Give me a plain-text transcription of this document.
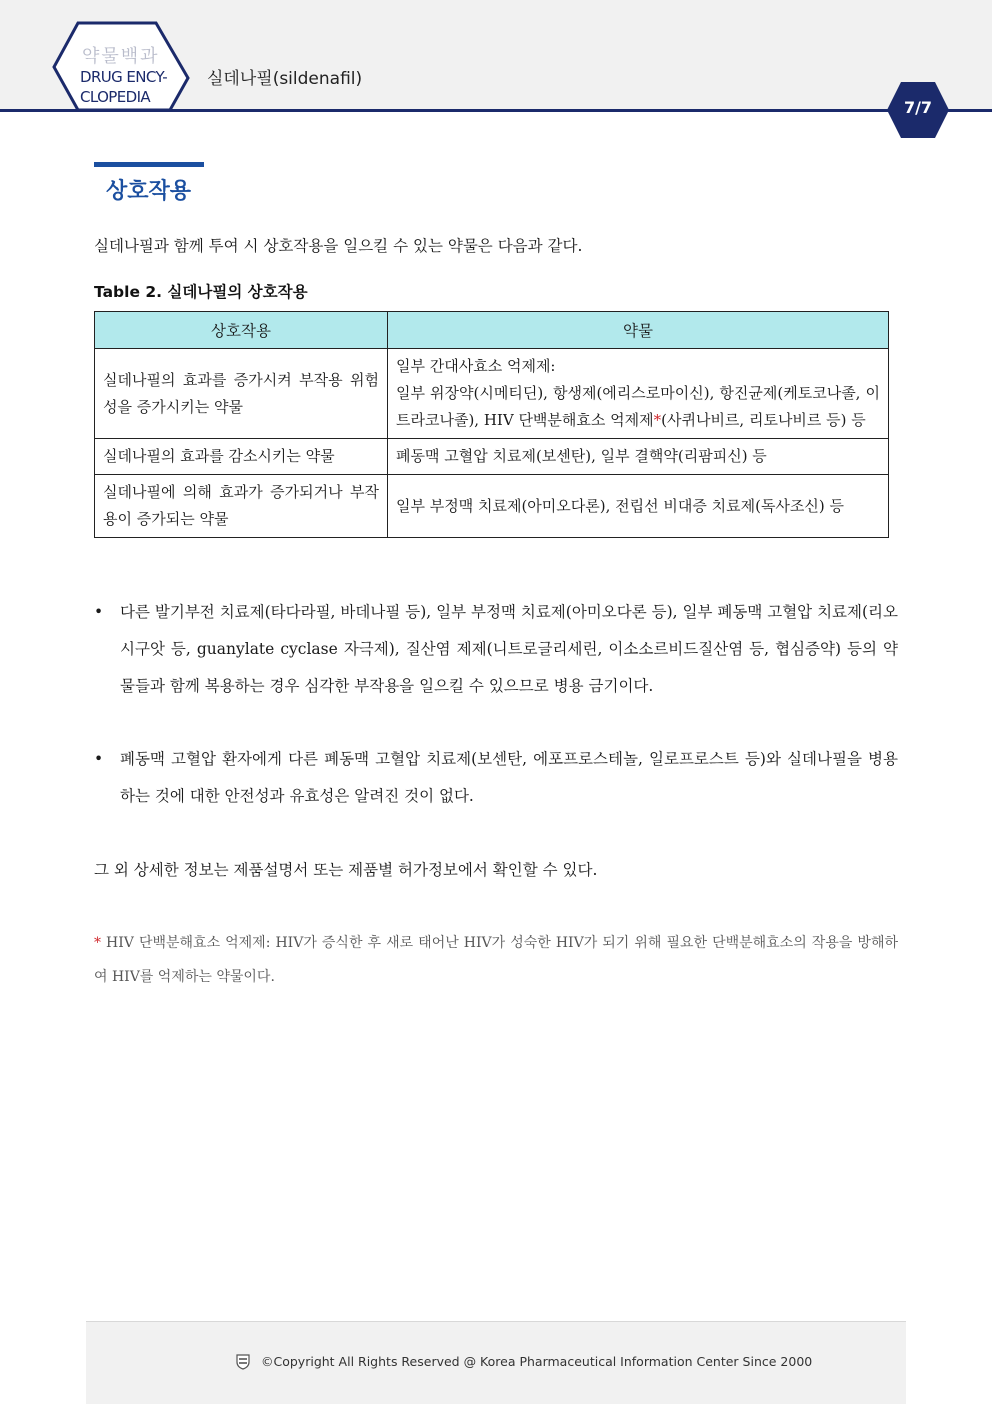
약물백과
DRUG ENCY-
CLOPEDIA
실데나필(sildenafil)
7/7
상호작용
실데나필과 함께 투여 시 상호작용을 일으킬 수 있는 약물은 다음과 같다.
Table 2. 실데나필의 상호작용
상호작용	약물
실데나필의 효과를 증가시켜 부작용 위험성을 증가시키는 약물	일부 간대사효소 억제제:
일부 위장약(시메티딘), 항생제(에리스로마이신), 항진균제(케토코나졸, 이트라코나졸), HIV 단백분해효소 억제제*(사퀴나비르, 리토나비르 등) 등
실데나필의 효과를 감소시키는 약물	폐동맥 고혈압 치료제(보센탄), 일부 결핵약(리팜피신) 등
실데나필에 의해 효과가 증가되거나 부작용이 증가되는 약물	일부 부정맥 치료제(아미오다론), 전립선 비대증 치료제(독사조신) 등
• 다른 발기부전 치료제(타다라필, 바데나필 등), 일부 부정맥 치료제(아미오다론 등), 일부 폐동맥 고혈압 치료제(리오시구앗 등, guanylate cyclase 자극제), 질산염 제제(니트로글리세린, 이소소르비드질산염 등, 협심증약) 등의 약물들과 함께 복용하는 경우 심각한 부작용을 일으킬 수 있으므로 병용 금기이다.
• 폐동맥 고혈압 환자에게 다른 폐동맥 고혈압 치료제(보센탄, 에포프로스테놀, 일로프로스트 등)와 실데나필을 병용하는 것에 대한 안전성과 유효성은 알려진 것이 없다.
그 외 상세한 정보는 제품설명서 또는 제품별 허가정보에서 확인할 수 있다.
* HIV 단백분해효소 억제제: HIV가 증식한 후 새로 태어난 HIV가 성숙한 HIV가 되기 위해 필요한 단백분해효소의 작용을 방해하여 HIV를 억제하는 약물이다.
©Copyright All Rights Reserved @ Korea Pharmaceutical Information Center Since 2000
